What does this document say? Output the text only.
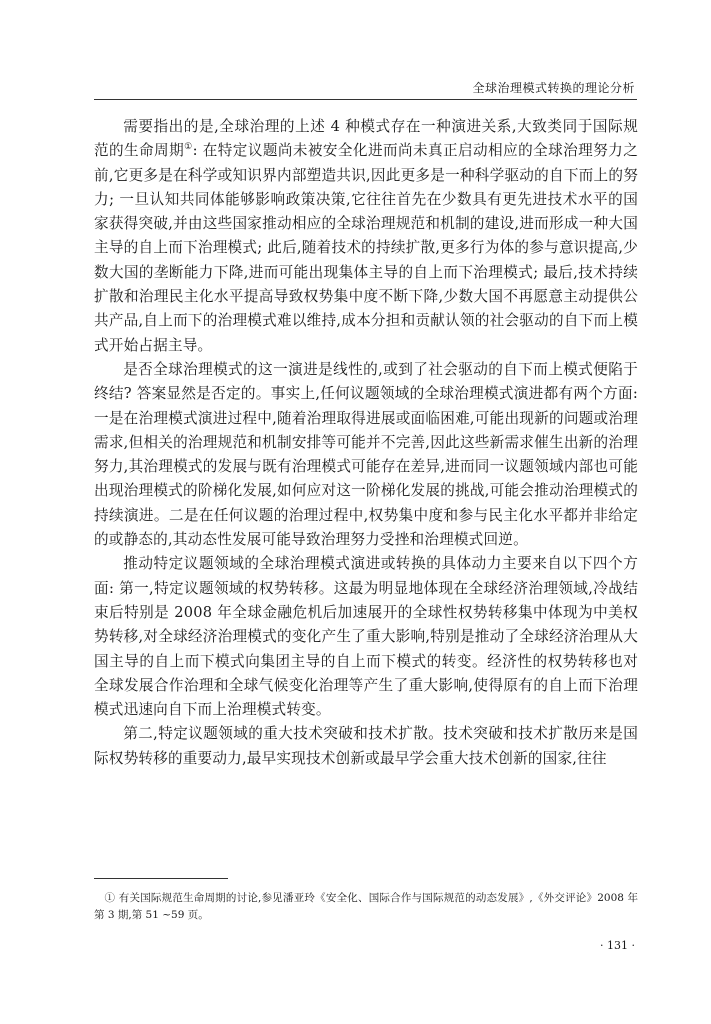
全球治理模式转换的理论分析

需要指出的是,全球治理的上述 4 种模式存在一种演进关系,大致类同于国际规范的生命周期①: 在特定议题尚未被安全化进而尚未真正启动相应的全球治理努力之前,它更多是在科学或知识界内部塑造共识,因此更多是一种科学驱动的自下而上的努力; 一旦认知共同体能够影响政策决策,它往往首先在少数具有更先进技术水平的国家获得突破,并由这些国家推动相应的全球治理规范和机制的建设,进而形成一种大国主导的自上而下治理模式; 此后,随着技术的持续扩散,更多行为体的参与意识提高,少数大国的垄断能力下降,进而可能出现集体主导的自上而下治理模式; 最后,技术持续扩散和治理民主化水平提高导致权势集中度不断下降,少数大国不再愿意主动提供公共产品,自上而下的治理模式难以维持,成本分担和贡献认领的社会驱动的自下而上模式开始占据主导。

是否全球治理模式的这一演进是线性的,或到了社会驱动的自下而上模式便陷于终结? 答案显然是否定的。事实上,任何议题领域的全球治理模式演进都有两个方面: 一是在治理模式演进过程中,随着治理取得进展或面临困难,可能出现新的问题或治理需求,但相关的治理规范和机制安排等可能并不完善,因此这些新需求催生出新的治理努力,其治理模式的发展与既有治理模式可能存在差异,进而同一议题领域内部也可能出现治理模式的阶梯化发展,如何应对这一阶梯化发展的挑战,可能会推动治理模式的持续演进。二是在任何议题的治理过程中,权势集中度和参与民主化水平都并非给定的或静态的,其动态性发展可能导致治理努力受挫和治理模式回逆。

推动特定议题领域的全球治理模式演进或转换的具体动力主要来自以下四个方面: 第一,特定议题领域的权势转移。这最为明显地体现在全球经济治理领域,冷战结束后特别是 2008 年全球金融危机后加速展开的全球性权势转移集中体现为中美权势转移,对全球经济治理模式的变化产生了重大影响,特别是推动了全球经济治理从大国主导的自上而下模式向集团主导的自上而下模式的转变。经济性的权势转移也对全球发展合作治理和全球气候变化治理等产生了重大影响,使得原有的自上而下治理模式迅速向自下而上治理模式转变。

第二,特定议题领域的重大技术突破和技术扩散。技术突破和技术扩散历来是国际权势转移的重要动力,最早实现技术创新或最早学会重大技术创新的国家,往往

① 有关国际规范生命周期的讨论,参见潘亚玲《安全化、国际合作与国际规范的动态发展》,《外交评论》2008 年第 3 期,第 51 ~59 页。
· 131 ·
